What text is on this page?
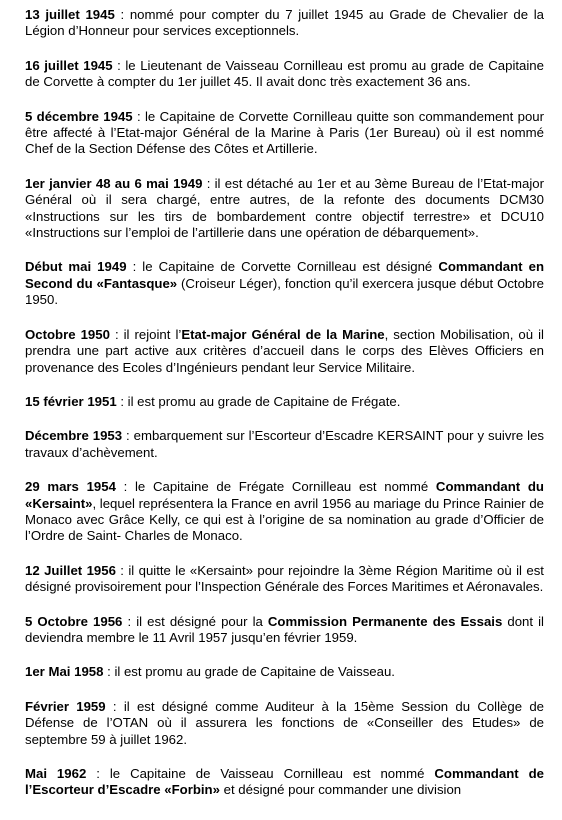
13 juillet 1945 : nommé pour compter du 7 juillet 1945 au Grade de Chevalier de la Légion d’Honneur pour services exceptionnels.

16 juillet 1945 : le Lieutenant de Vaisseau Cornilleau est promu au grade de Capitaine de Corvette à compter du 1er juillet 45. Il avait donc très exactement 36 ans.

5 décembre 1945 : le Capitaine de Corvette Cornilleau quitte son commandement pour être affecté à l’Etat-major Général de la Marine à Paris (1er Bureau) où il est nommé Chef de la Section Défense des Côtes et Artillerie.

1er janvier 48 au 6 mai 1949 : il est détaché au 1er et au 3ème Bureau de l’Etat-major Général où il sera chargé, entre autres, de la refonte des documents DCM30 «Instructions sur les tirs de bombardement contre objectif terrestre» et DCU10 «Instructions sur l’emploi de l’artillerie dans une opération de débarquement».

Début mai 1949 : le Capitaine de Corvette Cornilleau est désigné Commandant en Second du «Fantasque» (Croiseur Léger), fonction qu’il exercera jusque début Octobre 1950.

Octobre 1950 : il rejoint l’Etat-major Général de la Marine, section Mobilisation, où il prendra une part active aux critères d’accueil dans le corps des Elèves Officiers en provenance des Ecoles d’Ingénieurs pendant leur Service Militaire.

15 février 1951 : il est promu au grade de Capitaine de Frégate.

Décembre 1953 : embarquement sur l’Escorteur d’Escadre KERSAINT pour y suivre les travaux d’achèvement.

29 mars 1954 : le Capitaine de Frégate Cornilleau est nommé Commandant du «Kersaint», lequel représentera la France en avril 1956 au mariage du Prince Rainier de Monaco avec Grâce Kelly, ce qui est à l’origine de sa nomination au grade d’Officier de l’Ordre de Saint- Charles de Monaco.

12 Juillet 1956 : il quitte le «Kersaint» pour rejoindre la 3ème Région Maritime où il est désigné provisoirement pour l’Inspection Générale des Forces Maritimes et Aéronavales.

5 Octobre 1956 : il est désigné pour la Commission Permanente des Essais dont il deviendra membre le 11 Avril 1957 jusqu’en février 1959.

1er Mai 1958 : il est promu au grade de Capitaine de Vaisseau.

Février 1959 : il est désigné comme Auditeur à la 15ème Session du Collège de Défense de l’OTAN où il assurera les fonctions de «Conseiller des Etudes» de septembre 59 à juillet 1962.

Mai 1962 : le Capitaine de Vaisseau Cornilleau est nommé Commandant de l’Escorteur d’Escadre «Forbin» et désigné pour commander une division
